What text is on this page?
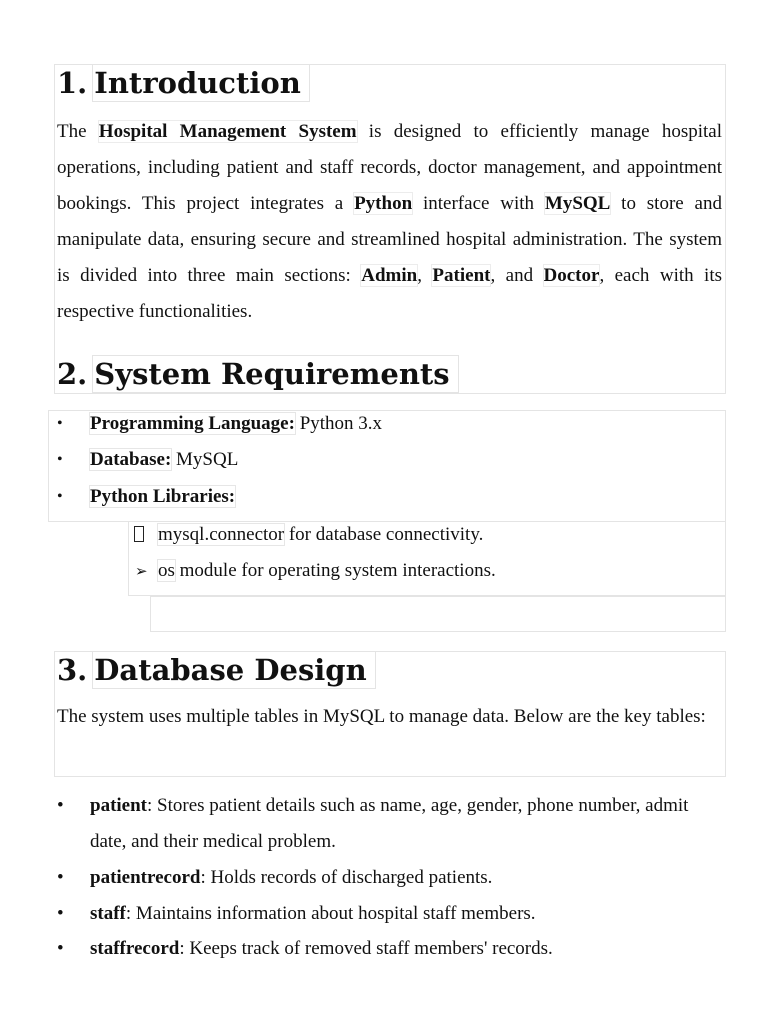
1. Introduction

The Hospital Management System is designed to efficiently manage hospital operations, including patient and staff records, doctor management, and appointment bookings. This project integrates a Python interface with MySQL to store and manipulate data, ensuring secure and streamlined hospital administration. The system is divided into three main sections: Admin, Patient, and Doctor, each with its respective functionalities.

2. System Requirements
• Programming Language: Python 3.x
• Database: MySQL
• Python Libraries:
mysql.connector for database connectivity.
➢ os module for operating system interactions.
3. Database Design

The system uses multiple tables in MySQL to manage data. Below are the key tables:

• patient: Stores patient details such as name, age, gender, phone number, admit date, and their medical problem.
• patientrecord: Holds records of discharged patients.
• staff: Maintains information about hospital staff members.
• staffrecord: Keeps track of removed staff members' records.
